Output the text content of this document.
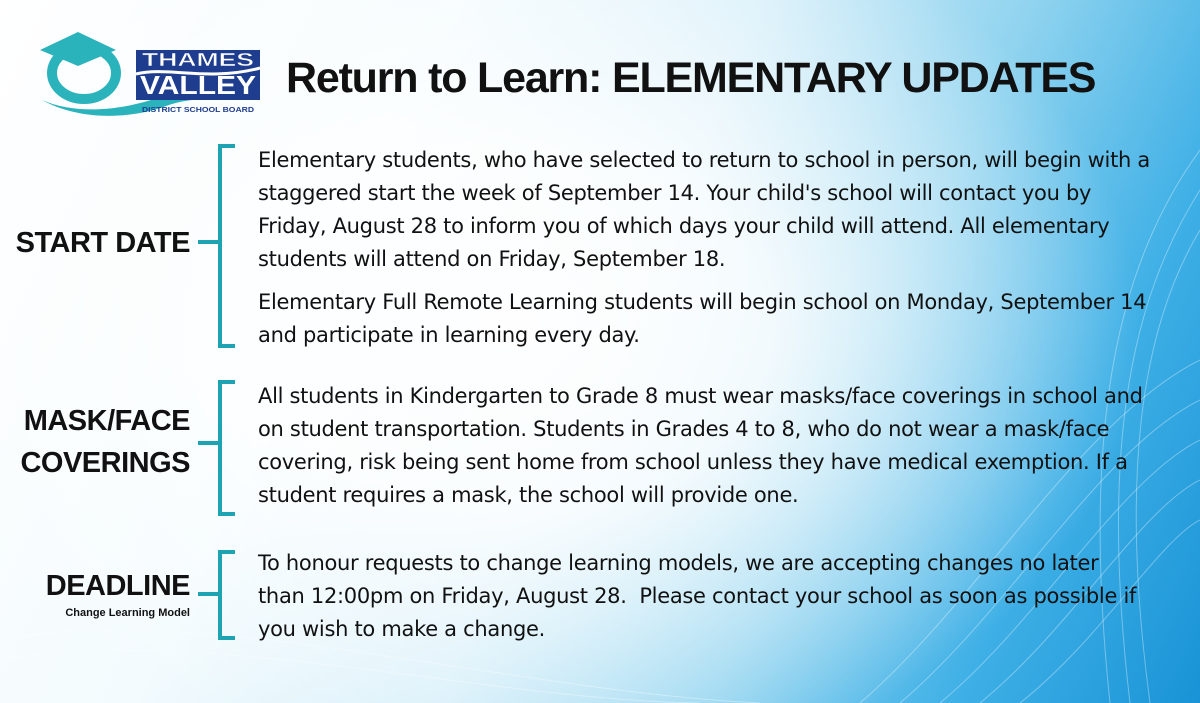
THAMES
VALLEY
DISTRICT SCHOOL BOARD
Return to Learn: ELEMENTARY UPDATES
START DATE

Elementary students, who have selected to return to school in person, will begin with a staggered start the week of September 14. Your child's school will contact you by Friday, August 28 to inform you of which days your child will attend. All elementary students will attend on Friday, September 18.

Elementary Full Remote Learning students will begin school on Monday, September 14 and participate in learning every day.

MASK/FACE
COVERINGS

All students in Kindergarten to Grade 8 must wear masks/face coverings in school and on student transportation. Students in Grades 4 to 8, who do not wear a mask/face covering, risk being sent home from school unless they have medical exemption. If a student requires a mask, the school will provide one.

DEADLINE
Change Learning Model

To honour requests to change learning models, we are accepting changes no later than 12:00pm on Friday, August 28.  Please contact your school as soon as possible if you wish to make a change.
